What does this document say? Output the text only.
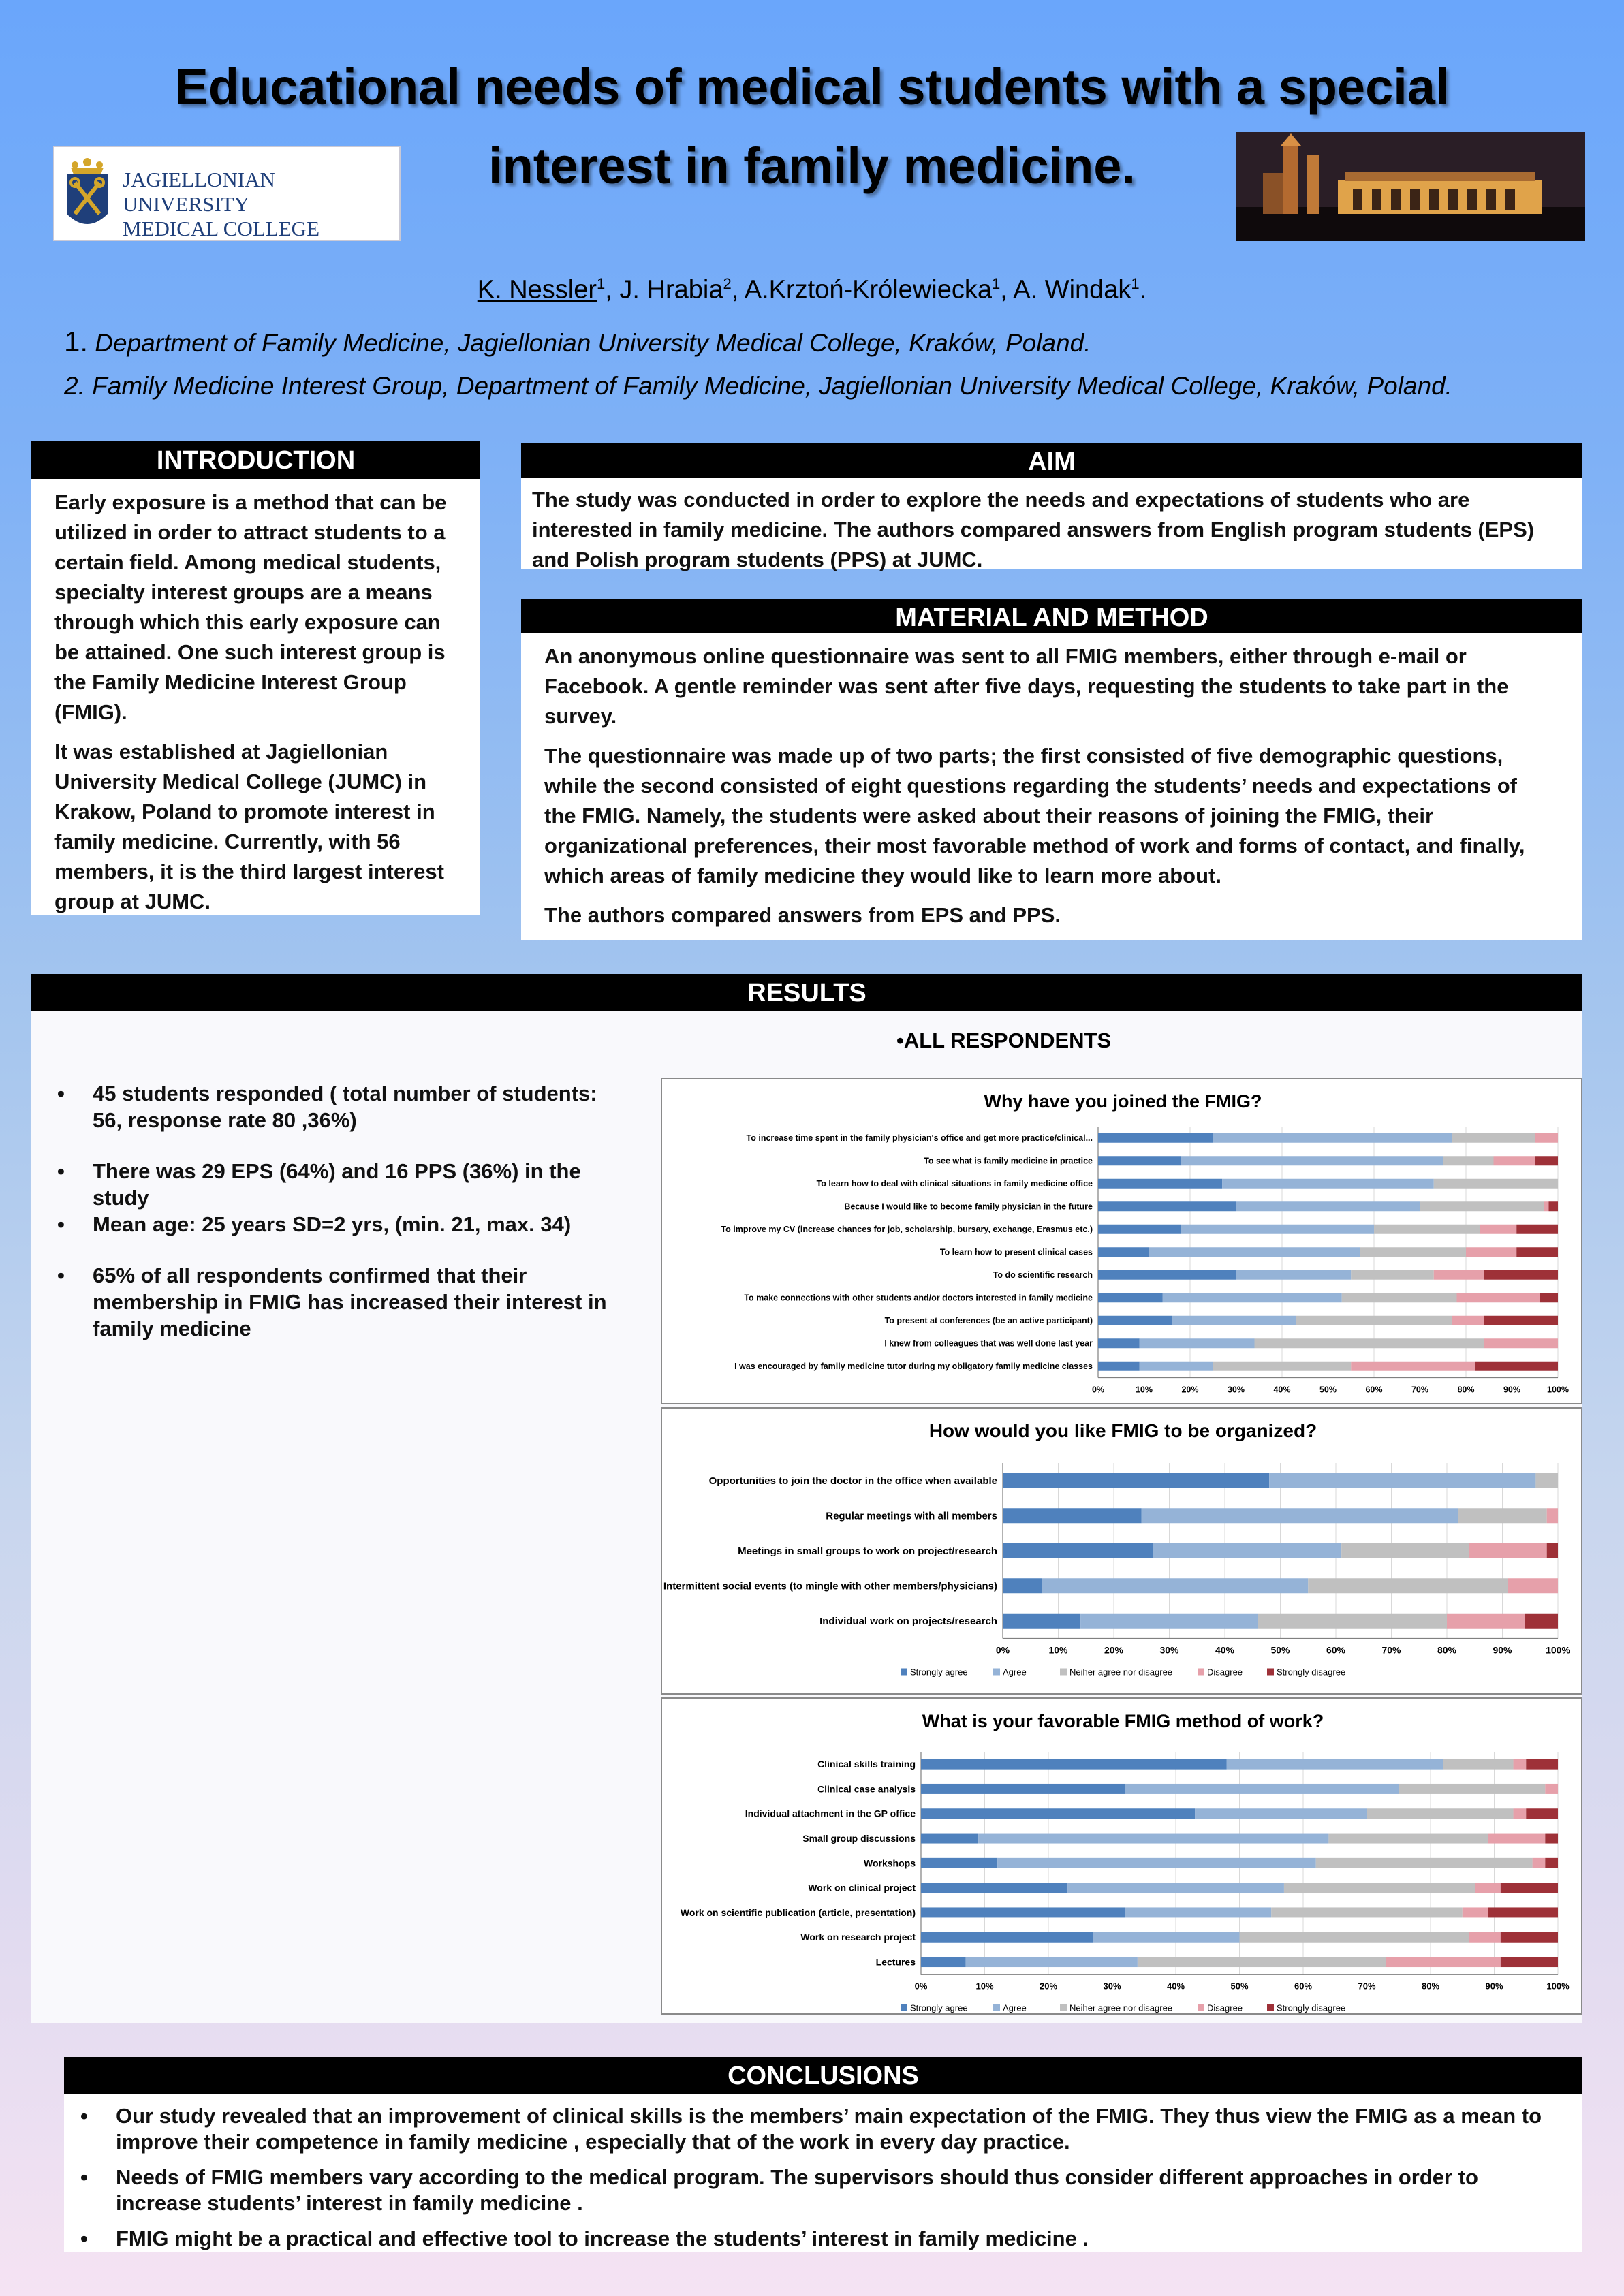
Educational needs of medical students with a special
interest in family medicine.
JAGIELLONIAN UNIVERSITY
MEDICAL COLLEGE
K. Nessler$^1$, J. Hrabia$^2$, A.Krztoń-Królewiecka$^1$, A. Windak$^1$.
1. Department of Family Medicine, Jagiellonian University Medical College, Kraków, Poland.
2. Family Medicine Interest Group, Department of Family Medicine, Jagiellonian University Medical College, Kraków, Poland.
INTRODUCTION

Early exposure is a method that can be utilized in order to attract students to a certain field. Among medical students, specialty interest groups are a means through which this early exposure can be attained. One such interest group is the Family Medicine Interest Group (FMIG).

It was established at Jagiellonian University Medical College (JUMC) in Krakow, Poland to promote interest in family medicine. Currently, with 56 members, it is the third largest interest group at JUMC.

AIM
The study was conducted in order to explore the needs and expectations of students who are interested in family medicine. The authors compared answers from English program students (EPS) and Polish program students (PPS) at JUMC.
MATERIAL AND METHOD

An anonymous online questionnaire was sent to all FMIG members, either through e-mail or Facebook. A gentle reminder was sent after five days, requesting the students to take part in the survey.

The questionnaire was made up of two parts; the first consisted of five demographic questions, while the second consisted of eight questions regarding the students’ needs and expectations of the FMIG. Namely, the students were asked about their reasons of joining the FMIG, their organizational preferences, their most favorable method of work and forms of contact, and finally, which areas of family medicine they would like to learn more about.

The authors compared answers from EPS and PPS.

RESULTS
•ALL RESPONDENTS
• 45 students responded ( total number of students: 56, response rate 80 ,36%)
• There was 29 EPS (64%) and 16 PPS (36%) in the study
• Mean age: 25 years SD=2 yrs, (min. 21, max. 34)
• 65% of all respondents confirmed that their membership in FMIG has increased their interest in family medicine
Why have you joined the FMIG?
0%	10%	20%	30%	40%	50%	60%	70%	80%	90%	100%
To increase time spent in the family physician's office and get more practice/clinical...
To see what is family medicine in practice
To learn how to deal with clinical situations in family medicine office
Because I would like to become family physician in the future
To improve my CV (increase chances for job, scholarship, bursary, exchange, Erasmus etc.)
To learn how to present clinical cases
To do scientific research
To make connections with other students and/or doctors interested in family medicine
To present at conferences (be an active participant)
I knew from colleagues that was well done last year
I was encouraged by family medicine tutor during my obligatory family medicine classes
Strongly agree	Agree	Neiher agree nor disagree	Disagree	Strongly disagree
How would you like FMIG to be organized?
0%	10%	20%	30%	40%	50%	60%	70%	80%	90%	100%
Opportunities to join the doctor in the office when available
Regular meetings with all members
Meetings in small groups to work on project/research
Intermittent social events (to mingle with other members/physicians)
Individual work on projects/research
Strongly agree	Agree	Neiher agree nor disagree	Disagree	Strongly disagree
What is your favorable FMIG method of work?
0%	10%	20%	30%	40%	50%	60%	70%	80%	90%	100%
Clinical skills training
Clinical case analysis
Individual attachment in the GP office
Small group discussions
Workshops
Work on clinical project
Work on scientific publication (article, presentation)
Work on research project
Lectures
Strongly agree	Agree	Neiher agree nor disagree	Disagree	Strongly disagree
CONCLUSIONS
• Our study revealed that an improvement of clinical skills is the members’ main expectation of the FMIG. They thus view the FMIG as a mean to improve their competence in family medicine , especially that of the work in every day practice.
• Needs of FMIG members vary according to the medical program. The supervisors should thus consider different approaches in order to increase students’ interest in family medicine .
• FMIG might be a practical and effective tool to increase the students’ interest in family medicine .
